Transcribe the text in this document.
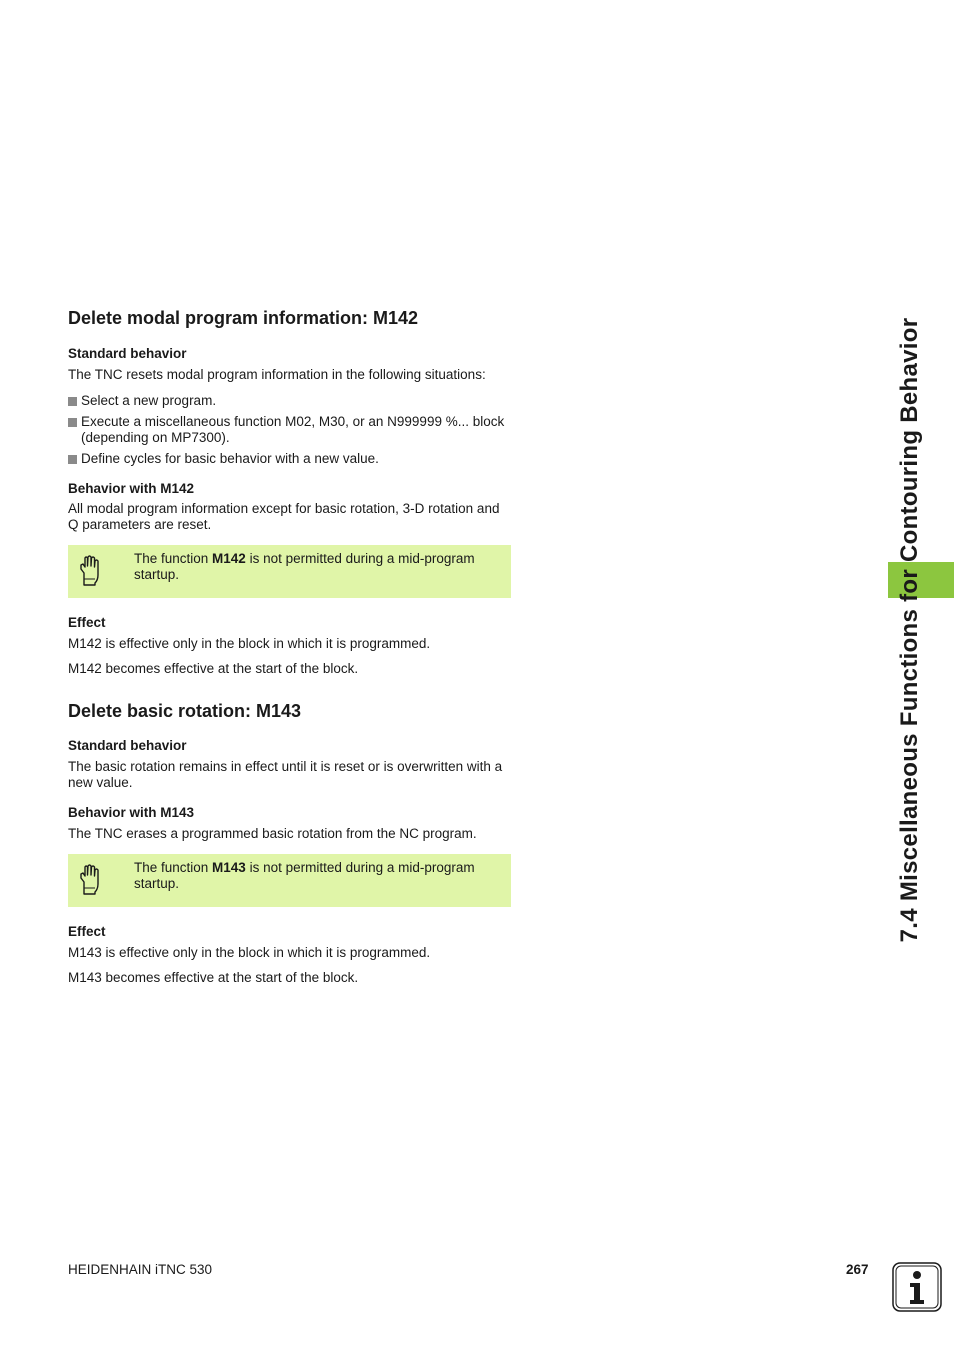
Delete modal program information: M142
Standard behavior

The TNC resets modal program information in the following situations:

Select a new program.
Execute a miscellaneous function M02, M30, or an N999999 %... block (depending on MP7300).
Define cycles for basic behavior with a new value.
Behavior with M142

All modal program information except for basic rotation, 3-D rotation and Q parameters are reset.

The function M142 is not permitted during a mid-program startup.
Effect

M142 is effective only in the block in which it is programmed.

M142 becomes effective at the start of the block.

Delete basic rotation: M143
Standard behavior

The basic rotation remains in effect until it is reset or is overwritten with a new value.

Behavior with M143

The TNC erases a programmed basic rotation from the NC program.

The function M143 is not permitted during a mid-program startup.
Effect

M143 is effective only in the block in which it is programmed.

M143 becomes effective at the start of the block.

7.4 Miscellaneous Functions for Contouring Behavior
HEIDENHAIN iTNC 530	267
